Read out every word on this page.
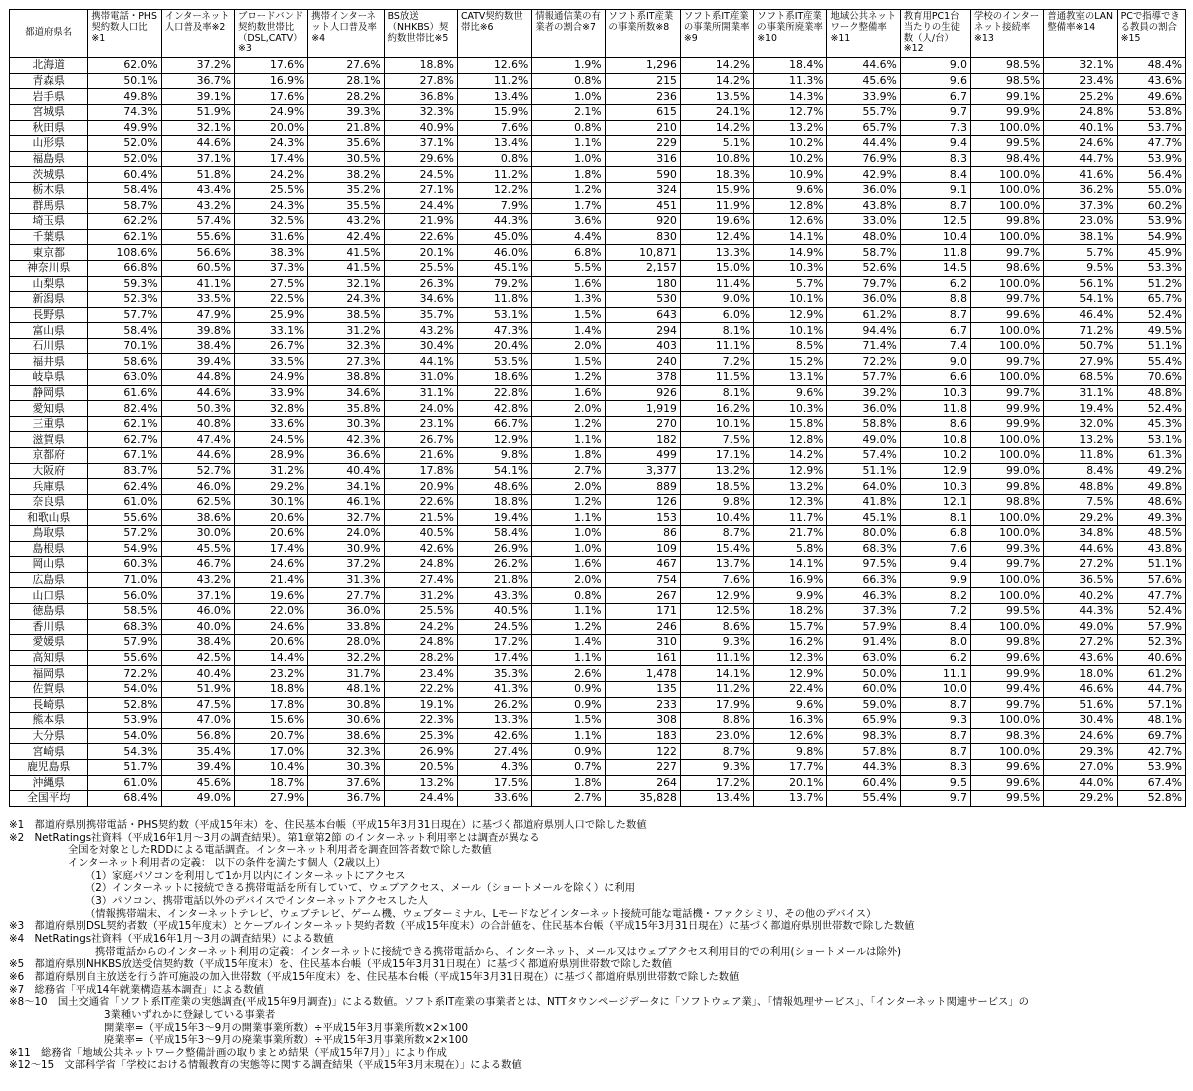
都道府県名	携帯電話・PHS契約数人口比※1	インターネット人口普及率※2	ブロードバンド契約数世帯比（DSL,CATV）※3	携帯インターネット人口普及率※4	BS放送（NHKBS）契約数世帯比※5	CATV契約数世帯比※6	情報通信業の有業者の割合※7	ソフト系IT産業の事業所数※8	ソフト系IT産業の事業所開業率※9	ソフト系IT産業の事業所廃業率※10	地域公共ネットワーク整備率※11	教育用PC1台当たりの生徒数（人/台）※12	学校のインターネット接続率※13	普通教室のLAN整備率※14	PCで指導できる教員の割合※15
北海道	62.0%	37.2%	17.6%	27.6%	18.8%	12.6%	1.9%	1,296	14.2%	18.4%	44.6%	9.0	98.5%	32.1%	48.4%
青森県	50.1%	36.7%	16.9%	28.1%	27.8%	11.2%	0.8%	215	14.2%	11.3%	45.6%	9.6	98.5%	23.4%	43.6%
岩手県	49.8%	39.1%	17.6%	28.2%	36.8%	13.4%	1.0%	236	13.5%	14.3%	33.9%	6.7	99.1%	25.2%	49.6%
宮城県	74.3%	51.9%	24.9%	39.3%	32.3%	15.9%	2.1%	615	24.1%	12.7%	55.7%	9.7	99.9%	24.8%	53.8%
秋田県	49.9%	32.1%	20.0%	21.8%	40.9%	7.6%	0.8%	210	14.2%	13.2%	65.7%	7.3	100.0%	40.1%	53.7%
山形県	52.0%	44.6%	24.3%	35.6%	37.1%	13.4%	1.1%	229	5.1%	10.2%	44.4%	9.4	99.5%	24.6%	47.7%
福島県	52.0%	37.1%	17.4%	30.5%	29.6%	0.8%	1.0%	316	10.8%	10.2%	76.9%	8.3	98.4%	44.7%	53.9%
茨城県	60.4%	51.8%	24.2%	38.2%	24.5%	11.2%	1.8%	590	18.3%	10.9%	42.9%	8.4	100.0%	41.6%	56.4%
栃木県	58.4%	43.4%	25.5%	35.2%	27.1%	12.2%	1.2%	324	15.9%	9.6%	36.0%	9.1	100.0%	36.2%	55.0%
群馬県	58.7%	43.2%	24.3%	35.5%	24.4%	7.9%	1.7%	451	11.9%	12.8%	43.8%	8.7	100.0%	37.3%	60.2%
埼玉県	62.2%	57.4%	32.5%	43.2%	21.9%	44.3%	3.6%	920	19.6%	12.6%	33.0%	12.5	99.8%	23.0%	53.9%
千葉県	62.1%	55.6%	31.6%	42.4%	22.6%	45.0%	4.4%	830	12.4%	14.1%	48.0%	10.4	100.0%	38.1%	54.9%
東京都	108.6%	56.6%	38.3%	41.5%	20.1%	46.0%	6.8%	10,871	13.3%	14.9%	58.7%	11.8	99.7%	5.7%	45.9%
神奈川県	66.8%	60.5%	37.3%	41.5%	25.5%	45.1%	5.5%	2,157	15.0%	10.3%	52.6%	14.5	98.6%	9.5%	53.3%
山梨県	59.3%	41.1%	27.5%	32.1%	26.3%	79.2%	1.6%	180	11.4%	5.7%	79.7%	6.2	100.0%	56.1%	51.2%
新潟県	52.3%	33.5%	22.5%	24.3%	34.6%	11.8%	1.3%	530	9.0%	10.1%	36.0%	8.8	99.7%	54.1%	65.7%
長野県	57.7%	47.9%	25.9%	38.5%	35.7%	53.1%	1.5%	643	6.0%	12.9%	61.2%	8.7	99.6%	46.4%	52.4%
富山県	58.4%	39.8%	33.1%	31.2%	43.2%	47.3%	1.4%	294	8.1%	10.1%	94.4%	6.7	100.0%	71.2%	49.5%
石川県	70.1%	38.4%	26.7%	32.3%	30.4%	20.4%	2.0%	403	11.1%	8.5%	71.4%	7.4	100.0%	50.7%	51.1%
福井県	58.6%	39.4%	33.5%	27.3%	44.1%	53.5%	1.5%	240	7.2%	15.2%	72.2%	9.0	99.7%	27.9%	55.4%
岐阜県	63.0%	44.8%	24.9%	38.8%	31.0%	18.6%	1.2%	378	11.5%	13.1%	57.7%	6.6	100.0%	68.5%	70.6%
静岡県	61.6%	44.6%	33.9%	34.6%	31.1%	22.8%	1.6%	926	8.1%	9.6%	39.2%	10.3	99.7%	31.1%	48.8%
愛知県	82.4%	50.3%	32.8%	35.8%	24.0%	42.8%	2.0%	1,919	16.2%	10.3%	36.0%	11.8	99.9%	19.4%	52.4%
三重県	62.1%	40.8%	33.6%	30.3%	23.1%	66.7%	1.2%	270	10.1%	15.8%	58.8%	8.6	99.9%	32.0%	45.3%
滋賀県	62.7%	47.4%	24.5%	42.3%	26.7%	12.9%	1.1%	182	7.5%	12.8%	49.0%	10.8	100.0%	13.2%	53.1%
京都府	67.1%	44.6%	28.9%	36.6%	21.6%	9.8%	1.8%	499	17.1%	14.2%	57.4%	10.2	100.0%	11.8%	61.3%
大阪府	83.7%	52.7%	31.2%	40.4%	17.8%	54.1%	2.7%	3,377	13.2%	12.9%	51.1%	12.9	99.0%	8.4%	49.2%
兵庫県	62.4%	46.0%	29.2%	34.1%	20.9%	48.6%	2.0%	889	18.5%	13.2%	64.0%	10.3	99.8%	48.8%	49.8%
奈良県	61.0%	62.5%	30.1%	46.1%	22.6%	18.8%	1.2%	126	9.8%	12.3%	41.8%	12.1	98.8%	7.5%	48.6%
和歌山県	55.6%	38.6%	20.6%	32.7%	21.5%	19.4%	1.1%	153	10.4%	11.7%	45.1%	8.1	100.0%	29.2%	49.3%
鳥取県	57.2%	30.0%	20.6%	24.0%	40.5%	58.4%	1.0%	86	8.7%	21.7%	80.0%	6.8	100.0%	34.8%	48.5%
島根県	54.9%	45.5%	17.4%	30.9%	42.6%	26.9%	1.0%	109	15.4%	5.8%	68.3%	7.6	99.3%	44.6%	43.8%
岡山県	60.3%	46.7%	24.6%	37.2%	24.8%	26.2%	1.6%	467	13.7%	14.1%	97.5%	9.4	99.7%	27.2%	51.1%
広島県	71.0%	43.2%	21.4%	31.3%	27.4%	21.8%	2.0%	754	7.6%	16.9%	66.3%	9.9	100.0%	36.5%	57.6%
山口県	56.0%	37.1%	19.6%	27.7%	31.2%	43.3%	0.8%	267	12.9%	9.9%	46.3%	8.2	100.0%	40.2%	47.7%
徳島県	58.5%	46.0%	22.0%	36.0%	25.5%	40.5%	1.1%	171	12.5%	18.2%	37.3%	7.2	99.5%	44.3%	52.4%
香川県	68.3%	40.0%	24.6%	33.8%	24.2%	24.5%	1.2%	246	8.6%	15.7%	57.9%	8.4	100.0%	49.0%	57.9%
愛媛県	57.9%	38.4%	20.6%	28.0%	24.8%	17.2%	1.4%	310	9.3%	16.2%	91.4%	8.0	99.8%	27.2%	52.3%
高知県	55.6%	42.5%	14.4%	32.2%	28.2%	17.4%	1.1%	161	11.1%	12.3%	63.0%	6.2	99.6%	43.6%	40.6%
福岡県	72.2%	40.4%	23.2%	31.7%	23.4%	35.3%	2.6%	1,478	14.1%	12.9%	50.0%	11.1	99.9%	18.0%	61.2%
佐賀県	54.0%	51.9%	18.8%	48.1%	22.2%	41.3%	0.9%	135	11.2%	22.4%	60.0%	10.0	99.4%	46.6%	44.7%
長崎県	52.8%	47.5%	17.8%	30.8%	19.1%	26.2%	0.9%	233	17.9%	9.6%	59.0%	8.7	99.7%	51.6%	57.1%
熊本県	53.9%	47.0%	15.6%	30.6%	22.3%	13.3%	1.5%	308	8.8%	16.3%	65.9%	9.3	100.0%	30.4%	48.1%
大分県	54.0%	56.8%	20.7%	38.6%	25.3%	42.6%	1.1%	183	23.0%	12.6%	98.3%	8.7	98.3%	24.6%	69.7%
宮崎県	54.3%	35.4%	17.0%	32.3%	26.9%	27.4%	0.9%	122	8.7%	9.8%	57.8%	8.7	100.0%	29.3%	42.7%
鹿児島県	51.7%	39.4%	10.4%	30.3%	20.5%	4.3%	0.7%	227	9.3%	17.7%	44.3%	8.3	99.6%	27.0%	53.9%
沖縄県	61.0%	45.6%	18.7%	37.6%	13.2%	17.5%	1.8%	264	17.2%	20.1%	60.4%	9.5	99.6%	44.0%	67.4%
全国平均	68.4%	49.0%	27.9%	36.7%	24.4%	33.6%	2.7%	35,828	13.4%	13.7%	55.4%	9.7	99.5%	29.2%	52.8%
※1　都道府県別携帯電話・PHS契約数（平成15年末）を、住民基本台帳（平成15年3月31日現在）に基づく都道府県別人口で除した数値
※2　NetRatings社資料（平成16年1月〜3月の調査結果）。第1章第2節 のインターネット利用率とは調査が異なる
全国を対象としたRDDによる電話調査。インターネット利用者を調査回答者数で除した数値
インターネット利用者の定義： 以下の条件を満たす個人（2歳以上）
（1）家庭パソコンを利用して1か月以内にインターネットにアクセス
（2）インターネットに接続できる携帯電話を所有していて、ウェブアクセス、メール（ショートメールを除く）に利用
（3）パソコン、携帯電話以外のデバイスでインターネットアクセスした人
（情報携帯端末、インターネットテレビ、ウェブテレビ、ゲーム機、ウェブターミナル、Lモードなどインターネット接続可能な電話機・ファクシミリ、その他のデバイス）
※3　都道府県別DSL契約者数（平成15年度末）とケーブルインターネット契約者数（平成15年度末）の合計値を、住民基本台帳（平成15年3月31日現在）に基づく都道府県別世帯数で除した数値
※4　NetRatings社資料（平成16年1月〜3月の調査結果）による数値
携帯電話からのインターネット利用の定義：インターネットに接続できる携帯電話から、インターネット、メール又はウェブアクセス利用目的での利用(ショートメールは除外)
※5　都道府県別NHKBS放送受信契約数（平成15年度末）を、住民基本台帳（平成15年3月31日現在）に基づく都道府県別世帯数で除した数値
※6　都道府県別自主放送を行う許可施設の加入世帯数（平成15年度末）を、住民基本台帳（平成15年3月31日現在）に基づく都道府県別世帯数で除した数値
※7　総務省「平成14年就業構造基本調査」による数値
※8〜10　国土交通省「ソフト系IT産業の実態調査(平成15年9月調査)」による数値。ソフト系IT産業の事業者とは、NTTタウンページデータに「ソフトウェア業」、「情報処理サービス」、「インターネット関連サービス」の
3業種いずれかに登録している事業者
開業率=（平成15年3〜9月の開業事業所数）÷平成15年3月事業所数×2×100
廃業率=（平成15年3〜9月の廃業事業所数）÷平成15年3月事業所数×2×100
※11　総務省「地域公共ネットワーク整備計画の取りまとめ結果（平成15年7月）」により作成
※12〜15　文部科学省「学校における情報教育の実態等に関する調査結果（平成15年3月末現在）」による数値
